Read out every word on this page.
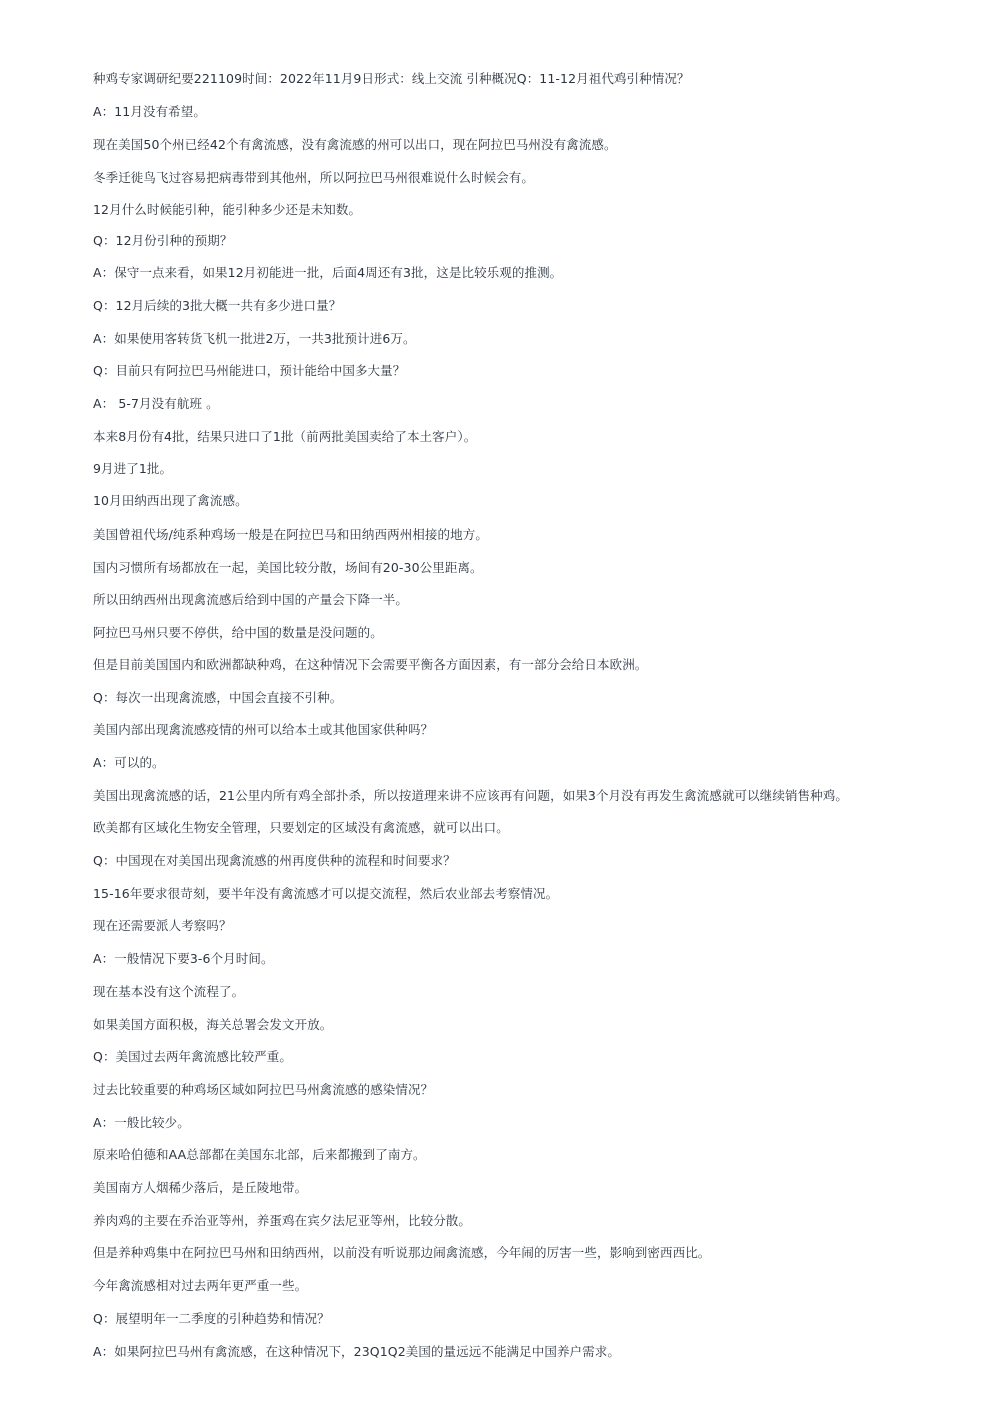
种鸡专家调研纪要221109时间：2022年11月9日形式：线上交流 引种概况Q：11-12月祖代鸡引种情况？
A：11月没有希望。
现在美国50个州已经42个有禽流感，没有禽流感的州可以出口，现在阿拉巴马州没有禽流感。
冬季迁徙鸟飞过容易把病毒带到其他州，所以阿拉巴马州很难说什么时候会有。
12月什么时候能引种，能引种多少还是未知数。
Q：12月份引种的预期？
A：保守一点来看，如果12月初能进一批，后面4周还有3批，这是比较乐观的推测。
Q：12月后续的3批大概一共有多少进口量？
A：如果使用客转货飞机一批进2万，一共3批预计进6万。
Q：目前只有阿拉巴马州能进口，预计能给中国多大量？
A： 5-7月没有航班 。
本来8月份有4批，结果只进口了1批（前两批美国卖给了本土客户）。
9月进了1批。
10月田纳西出现了禽流感。
美国曾祖代场/纯系种鸡场一般是在阿拉巴马和田纳西两州相接的地方。
国内习惯所有场都放在一起，美国比较分散，场间有20-30公里距离。
所以田纳西州出现禽流感后给到中国的产量会下降一半。
阿拉巴马州只要不停供，给中国的数量是没问题的。
但是目前美国国内和欧洲都缺种鸡，在这种情况下会需要平衡各方面因素，有一部分会给日本欧洲。
Q：每次一出现禽流感，中国会直接不引种。
美国内部出现禽流感疫情的州可以给本土或其他国家供种吗？
A：可以的。
美国出现禽流感的话，21公里内所有鸡全部扑杀，所以按道理来讲不应该再有问题，如果3个月没有再发生禽流感就可以继续销售种鸡。
欧美都有区域化生物安全管理，只要划定的区域没有禽流感，就可以出口。
Q：中国现在对美国出现禽流感的州再度供种的流程和时间要求？
15-16年要求很苛刻，要半年没有禽流感才可以提交流程，然后农业部去考察情况。
现在还需要派人考察吗？
A：一般情况下要3-6个月时间。
现在基本没有这个流程了。
如果美国方面积极，海关总署会发文开放。
Q：美国过去两年禽流感比较严重。
过去比较重要的种鸡场区域如阿拉巴马州禽流感的感染情况？
A：一般比较少。
原来哈伯德和AA总部都在美国东北部，后来都搬到了南方。
美国南方人烟稀少落后，是丘陵地带。
养肉鸡的主要在乔治亚等州，养蛋鸡在宾夕法尼亚等州，比较分散。
但是养种鸡集中在阿拉巴马州和田纳西州，以前没有听说那边闹禽流感，今年闹的厉害一些，影响到密西西比。
今年禽流感相对过去两年更严重一些。
Q：展望明年一二季度的引种趋势和情况？
A：如果阿拉巴马州有禽流感，在这种情况下，23Q1Q2美国的量远远不能满足中国养户需求。
